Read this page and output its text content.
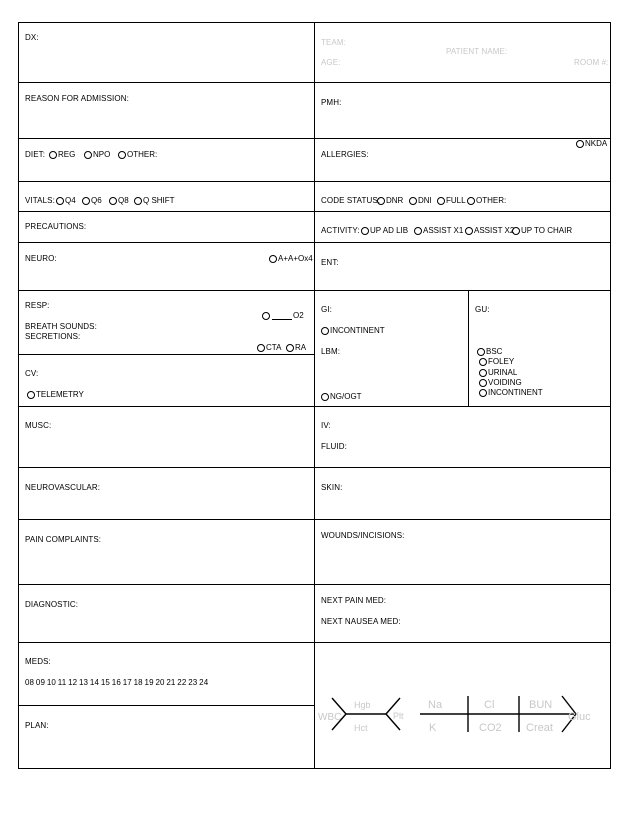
DX:
REASON FOR ADMISSION:
DIET: REG NPO OTHER:
VITALS: Q4 Q6 Q8 Q SHIFT
PRECAUTIONS:
NEURO:	A+A+Ox4
RESP:
O2
BREATH SOUNDS:
SECRETIONS:
CTA RA
CV:
TELEMETRY
MUSC:
NEUROVASCULAR:
PAIN COMPLAINTS:
DIAGNOSTIC:
MEDS:
08 09 10 11 12 13 14 15 16 17 18 19 20 21 22 23 24
PLAN:
TEAM:
PATIENT NAME:
AGE:	ROOM #:
PMH:
NKDA
ALLERGIES:
CODE STATUS: DNR DNI FULL OTHER:
ACTIVITY: UP AD LIB ASSIST X1 ASSIST X2 UP TO CHAIR
ENT:
GI:
INCONTINENT
LBM:
NG/OGT
GU:
BSC
FOLEY
URINAL
VOIDING
INCONTINENT
IV:
FLUID:
SKIN:
WOUNDS/INCISIONS:
NEXT PAIN MED:
NEXT NAUSEA MED:
WBC
Hgb
Hct
Plt
Na
K
Cl
CO2
BUN
Creat
Gluc
